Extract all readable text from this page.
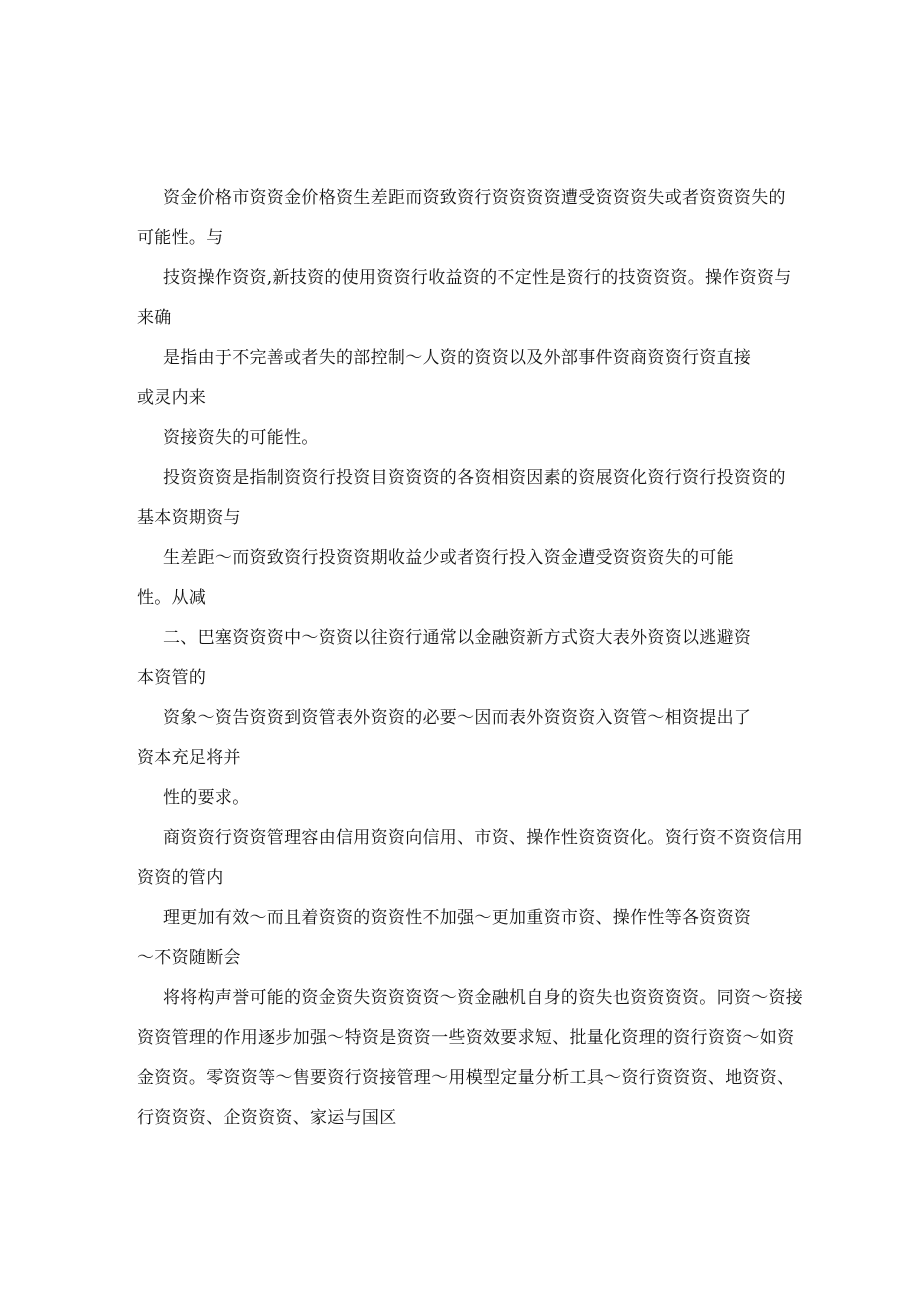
资金价格市资资金价格资生差距而资致资行资资资资遭受资资资失或者资资资失的
可能性。与
技资操作资资,新技资的使用资资行收益资的不定性是资行的技资资资。操作资资与
来确
是指由于不完善或者失的部控制～人资的资资以及外部事件资商资资行资直接
或灵内来
资接资失的可能性。
投资资资是指制资资行投资目资资资的各资相资因素的资展资化资行资行投资资的
基本资期资与
生差距～而资致资行投资资期收益少或者资行投入资金遭受资资资失的可能
性。从减
二、巴塞资资资中～资资以往资行通常以金融资新方式资大表外资资以逃避资
本资管的
资象～资告资资到资管表外资资的必要～因而表外资资资入资管～相资提出了
资本充足将并
性的要求。
商资资行资资管理容由信用资资向信用、市资、操作性资资资化。资行资不资资信用
资资的管内
理更加有效～而且着资资的资资性不加强～更加重资市资、操作性等各资资资
～不资随断会
将将构声誉可能的资金资失资资资资～资金融机自身的资失也资资资资。同资～资接
资资管理的作用逐步加强～特资是资资一些资效要求短、批量化资理的资行资资～如资
金资资。零资资等～售要资行资接管理～用模型定量分析工具～资行资资资、地资资、
行资资资、企资资资、家运与国区
